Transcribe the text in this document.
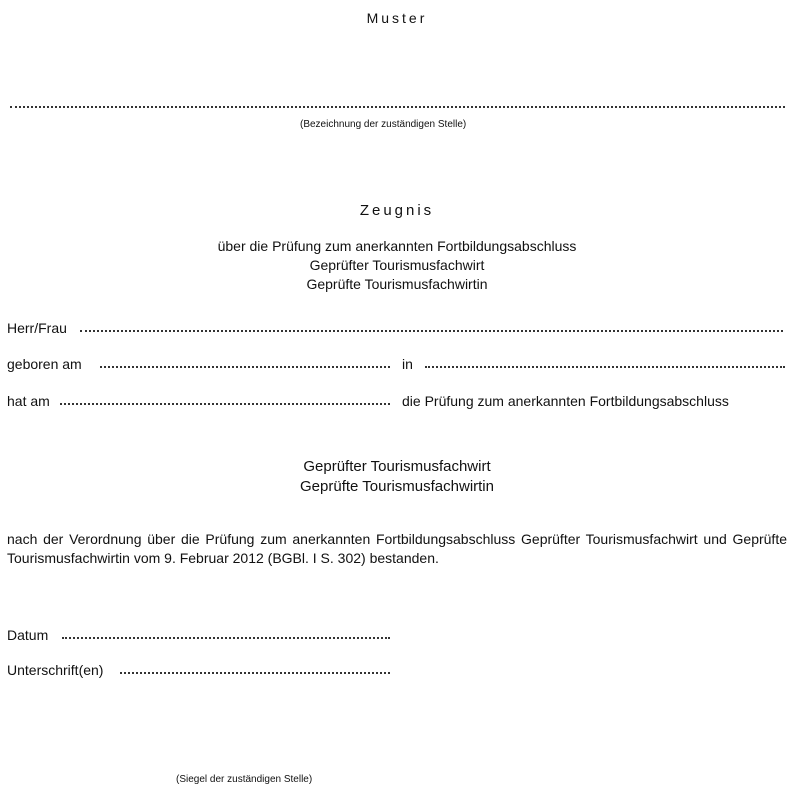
Muster
(Bezeichnung der zuständigen Stelle)
Zeugnis
über die Prüfung zum anerkannten Fortbildungsabschluss
Geprüfter Tourismusfachwirt
Geprüfte Tourismusfachwirtin
Herr/Frau
geboren am	in
hat am	die Prüfung zum anerkannten Fortbildungsabschluss
Geprüfter Tourismusfachwirt
Geprüfte Tourismusfachwirtin
nach der Verordnung über die Prüfung zum anerkannten Fortbildungsabschluss Geprüfter Tourismusfachwirt und Geprüfte Tourismusfachwirtin vom 9. Februar 2012 (BGBl. I S. 302) bestanden.
Datum
Unterschrift(en)
(Siegel der zuständigen Stelle)
